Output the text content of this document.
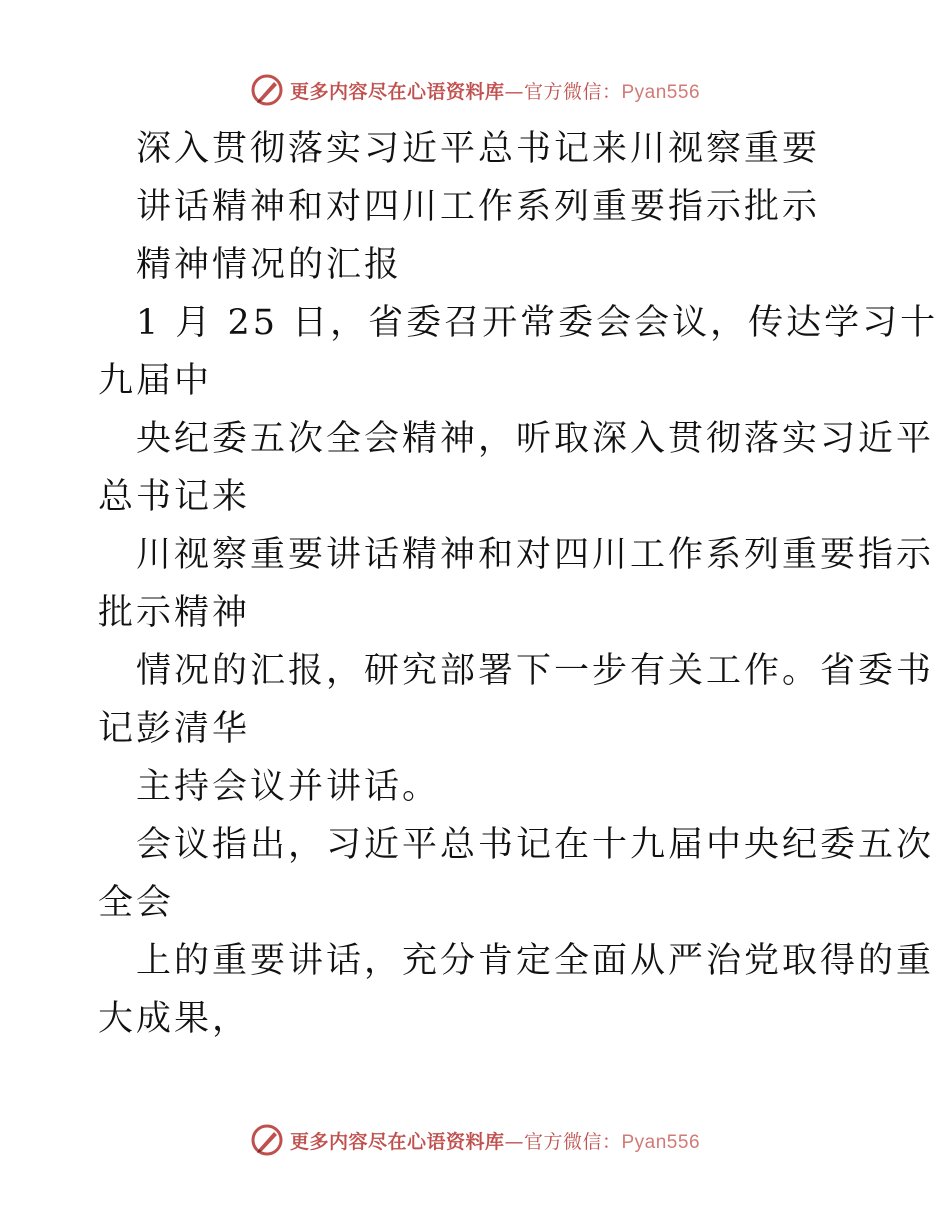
更多内容尽在心语资料库—官方微信：Pyan556
深入贯彻落实习近平总书记来川视察重要
讲话精神和对四川工作系列重要指示批示
精神情况的汇报
1 月 25 日，省委召开常委会会议，传达学习十
九届中
央纪委五次全会精神，听取深入贯彻落实习近平
总书记来
川视察重要讲话精神和对四川工作系列重要指示
批示精神
情况的汇报，研究部署下一步有关工作。省委书
记彭清华
主持会议并讲话。
会议指出，习近平总书记在十九届中央纪委五次
全会
上的重要讲话，充分肯定全面从严治党取得的重
大成果，
更多内容尽在心语资料库—官方微信：Pyan556
